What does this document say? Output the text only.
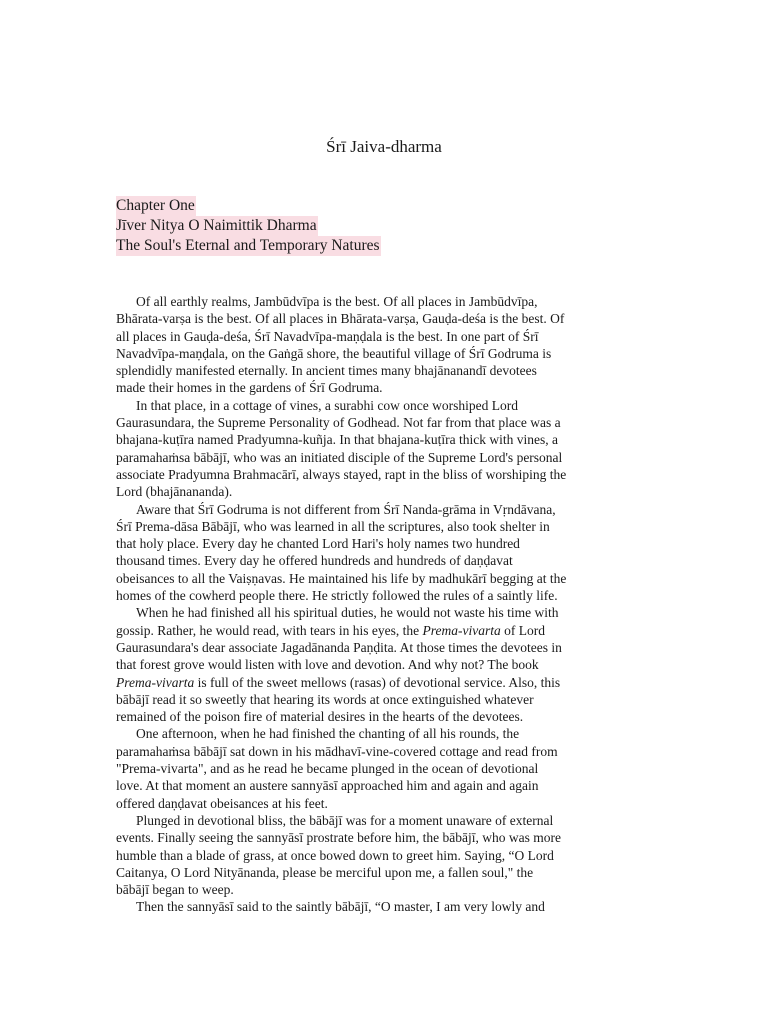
Śrī Jaiva-dharma
Chapter One
Jīver Nitya O Naimittik Dharma
The Soul's Eternal and Temporary Natures
Of all earthly realms, Jambūdvīpa is the best. Of all places in Jambūdvīpa,
Bhārata-varṣa is the best. Of all places in Bhārata-varṣa, Gauḍa-deśa is the best. Of
all places in Gauḍa-deśa, Śrī Navadvīpa-maṇḍala is the best. In one part of Śrī
Navadvīpa-maṇḍala, on the Gaṅgā shore, the beautiful village of Śrī Godruma is
splendidly manifested eternally. In ancient times many bhajānanandī devotees
made their homes in the gardens of Śrī Godruma.
In that place, in a cottage of vines, a surabhi cow once worshiped Lord
Gaurasundara, the Supreme Personality of Godhead. Not far from that place was a
bhajana-kuṭīra named Pradyumna-kuñja. In that bhajana-kuṭīra thick with vines, a
paramahaṁsa bābājī, who was an initiated disciple of the Supreme Lord's personal
associate Pradyumna Brahmacārī, always stayed, rapt in the bliss of worshiping the
Lord (bhajānananda).
Aware that Śrī Godruma is not different from Śrī Nanda-grāma in Vṛndāvana,
Śrī Prema-dāsa Bābājī, who was learned in all the scriptures, also took shelter in
that holy place. Every day he chanted Lord Hari's holy names two hundred
thousand times. Every day he offered hundreds and hundreds of daṇḍavat
obeisances to all the Vaiṣṇavas. He maintained his life by madhukārī begging at the
homes of the cowherd people there. He strictly followed the rules of a saintly life.
When he had finished all his spiritual duties, he would not waste his time with
gossip. Rather, he would read, with tears in his eyes, the Prema-vivarta of Lord
Gaurasundara's dear associate Jagadānanda Paṇḍita. At those times the devotees in
that forest grove would listen with love and devotion. And why not? The book
Prema-vivarta is full of the sweet mellows (rasas) of devotional service. Also, this
bābājī read it so sweetly that hearing its words at once extinguished whatever
remained of the poison fire of material desires in the hearts of the devotees.
One afternoon, when he had finished the chanting of all his rounds, the
paramahaṁsa bābājī sat down in his mādhavī-vine-covered cottage and read from
"Prema-vivarta", and as he read he became plunged in the ocean of devotional
love. At that moment an austere sannyāsī approached him and again and again
offered daṇḍavat obeisances at his feet.
Plunged in devotional bliss, the bābājī was for a moment unaware of external
events. Finally seeing the sannyāsī prostrate before him, the bābājī, who was more
humble than a blade of grass, at once bowed down to greet him. Saying, “O Lord
Caitanya, O Lord Nityānanda, please be merciful upon me, a fallen soul," the
bābājī began to weep.
Then the sannyāsī said to the saintly bābājī, “O master, I am very lowly and
